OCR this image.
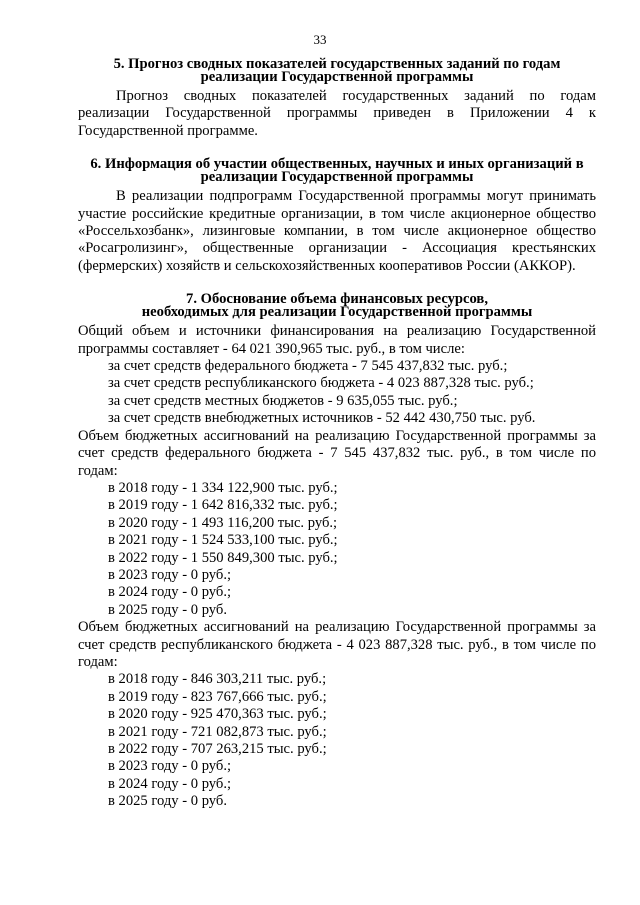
33
5. Прогноз сводных показателей государственных заданий по годам
реализации Государственной программы

Прогноз сводных показателей государственных заданий по годам реализации Государственной программы приведен в Приложении 4 к Государственной программе.

6. Информация об участии общественных, научных и иных организаций в
реализации Государственной программы

В реализации подпрограмм Государственной программы могут принимать участие российские кредитные организации, в том числе акционерное общество «Россельхозбанк», лизинговые компании, в том числе акционерное общество «Росагролизинг», общественные организации - Ассоциация крестьянских (фермерских) хозяйств и сельскохозяйственных кооперативов России (АККОР).

7. Обоснование объема финансовых ресурсов,
необходимых для реализации Государственной программы

Общий объем и источники финансирования на реализацию Государственной программы составляет - 64 021 390,965 тыс. руб., в том числе:

за счет средств федерального бюджета - 7 545 437,832 тыс. руб.;
за счет средств республиканского бюджета - 4 023 887,328 тыс. руб.;
за счет средств местных бюджетов - 9 635,055 тыс. руб.;
за счет средств внебюджетных источников - 52 442 430,750 тыс. руб.

Объем бюджетных ассигнований на реализацию Государственной программы за счет средств федерального бюджета - 7 545 437,832 тыс. руб., в том числе по годам:

в 2018 году - 1 334 122,900 тыс. руб.;
в 2019 году - 1 642 816,332 тыс. руб.;
в 2020 году - 1 493 116,200 тыс. руб.;
в 2021 году - 1 524 533,100 тыс. руб.;
в 2022 году - 1 550 849,300 тыс. руб.;
в 2023 году - 0 руб.;
в 2024 году - 0 руб.;
в 2025 году - 0 руб.

Объем бюджетных ассигнований на реализацию Государственной программы за счет средств республиканского бюджета - 4 023 887,328 тыс. руб., в том числе по годам:

в 2018 году - 846 303,211 тыс. руб.;
в 2019 году - 823 767,666 тыс. руб.;
в 2020 году - 925 470,363 тыс. руб.;
в 2021 году - 721 082,873 тыс. руб.;
в 2022 году - 707 263,215 тыс. руб.;
в 2023 году - 0 руб.;
в 2024 году - 0 руб.;
в 2025 году - 0 руб.
